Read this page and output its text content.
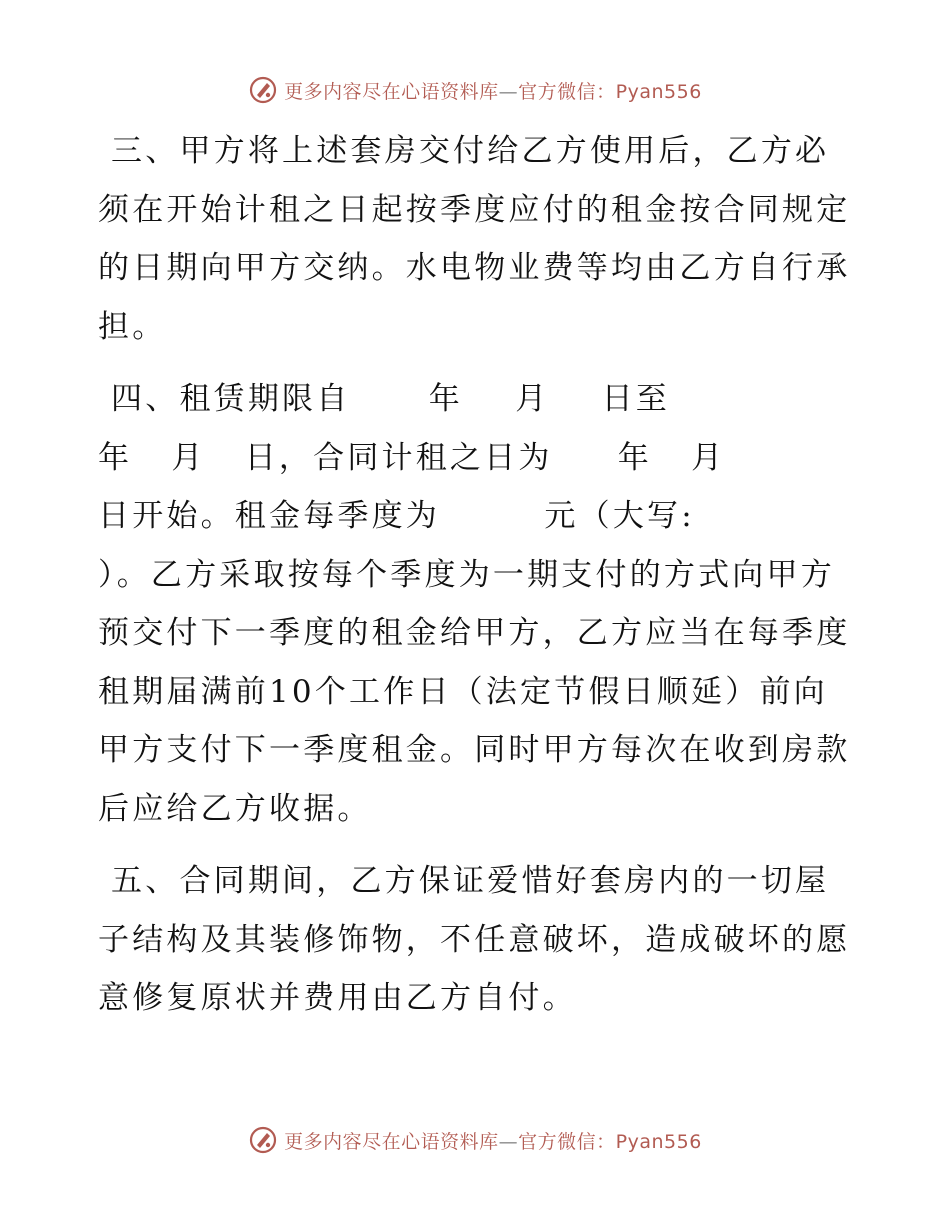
更多内容尽在心语资料库—官方微信：Pyan556
三、甲方将上述套房交付给乙方使用后，乙方必
须在开始计租之日起按季度应付的租金按合同规定
的日期向甲方交纳。水电物业费等均由乙方自行承
担。
四、租赁期限自      年    月    日至
年   月   日，合同计租之日为     年   月
日开始。租金每季度为        元（大写:
）。乙方采取按每个季度为一期支付的方式向甲方
预交付下一季度的租金给甲方，乙方应当在每季度
租期届满前10个工作日（法定节假日顺延）前向
甲方支付下一季度租金。同时甲方每次在收到房款
后应给乙方收据。
五、合同期间，乙方保证爱惜好套房内的一切屋
子结构及其装修饰物，不任意破坏，造成破坏的愿
意修复原状并费用由乙方自付。
更多内容尽在心语资料库—官方微信：Pyan556
